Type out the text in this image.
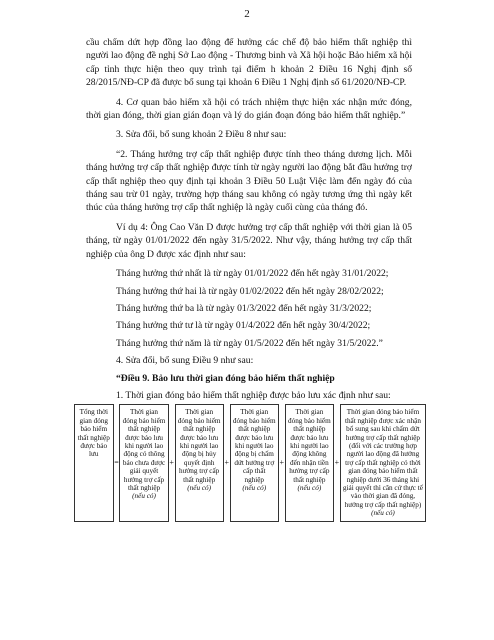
2

cầu chấm dứt hợp đồng lao động để hưởng các chế độ bảo hiểm thất nghiệp thì người lao động đề nghị Sở Lao động - Thương binh và Xã hội hoặc Bảo hiểm xã hội cấp tỉnh thực hiện theo quy trình tại điểm h khoản 2 Điều 16 Nghị định số 28/2015/NĐ-CP đã được bổ sung tại khoản 6 Điều 1 Nghị định số 61/2020/NĐ-CP.

4. Cơ quan bảo hiểm xã hội có trách nhiệm thực hiện xác nhận mức đóng, thời gian đóng, thời gian gián đoạn và lý do gián đoạn đóng bảo hiểm thất nghiệp.”

3. Sửa đổi, bổ sung khoản 2 Điều 8 như sau:

“2. Tháng hưởng trợ cấp thất nghiệp được tính theo tháng dương lịch. Mỗi tháng hưởng trợ cấp thất nghiệp được tính từ ngày người lao động bắt đầu hưởng trợ cấp thất nghiệp theo quy định tại khoản 3 Điều 50 Luật Việc làm đến ngày đó của tháng sau trừ 01 ngày, trường hợp tháng sau không có ngày tương ứng thì ngày kết thúc của tháng hưởng trợ cấp thất nghiệp là ngày cuối cùng của tháng đó.

Ví dụ 4: Ông Cao Văn D được hưởng trợ cấp thất nghiệp với thời gian là 05 tháng, từ ngày 01/01/2022 đến ngày 31/5/2022. Như vậy, tháng hưởng trợ cấp thất nghiệp của ông D được xác định như sau:

Tháng hưởng thứ nhất là từ ngày 01/01/2022 đến hết ngày 31/01/2022;

Tháng hưởng thứ hai là từ ngày 01/02/2022 đến hết ngày 28/02/2022;

Tháng hưởng thứ ba là từ ngày 01/3/2022 đến hết ngày 31/3/2022;

Tháng hưởng thứ tư là từ ngày 01/4/2022 đến hết ngày 30/4/2022;

Tháng hưởng thứ năm là từ ngày 01/5/2022 đến hết ngày 31/5/2022.”

4. Sửa đổi, bổ sung Điều 9 như sau:

“Điều 9. Bảo lưu thời gian đóng bảo hiểm thất nghiệp

1. Thời gian đóng bảo hiểm thất nghiệp được bảo lưu xác định như sau:

Tổng thời gian đóng bảo hiểm thất nghiệp được bảo lưu	=	Thời gian đóng bảo hiểm thất nghiệp được bảo lưu khi người lao động có thông báo chưa được giải quyết hưởng trợ cấp thất nghiệp
(nếu có)
	+	Thời gian đóng bảo hiểm thất nghiệp được bảo lưu khi người lao động bị hủy quyết định hưởng trợ cấp thất nghiệp
(nếu có)
	+	Thời gian đóng bảo hiểm thất nghiệp được bảo lưu khi người lao động bị chấm dứt hưởng trợ cấp thất nghiệp
(nếu có)
	+	Thời gian đóng bảo hiểm thất nghiệp được bảo lưu khi người lao động không đến nhận tiền hưởng trợ cấp thất nghiệp
(nếu có)
	+	Thời gian đóng bảo hiểm thất nghiệp được xác nhận bổ sung sau khi chấm dứt hưởng trợ cấp thất nghiệp (đối với các trường hợp người lao động đã hưởng trợ cấp thất nghiệp có thời gian đóng bảo hiểm thất nghiệp dưới 36 tháng khi giải quyết thì căn cứ thực tế vào thời gian đã đóng, hưởng trợ cấp thất nghiệp)
(nếu có)
